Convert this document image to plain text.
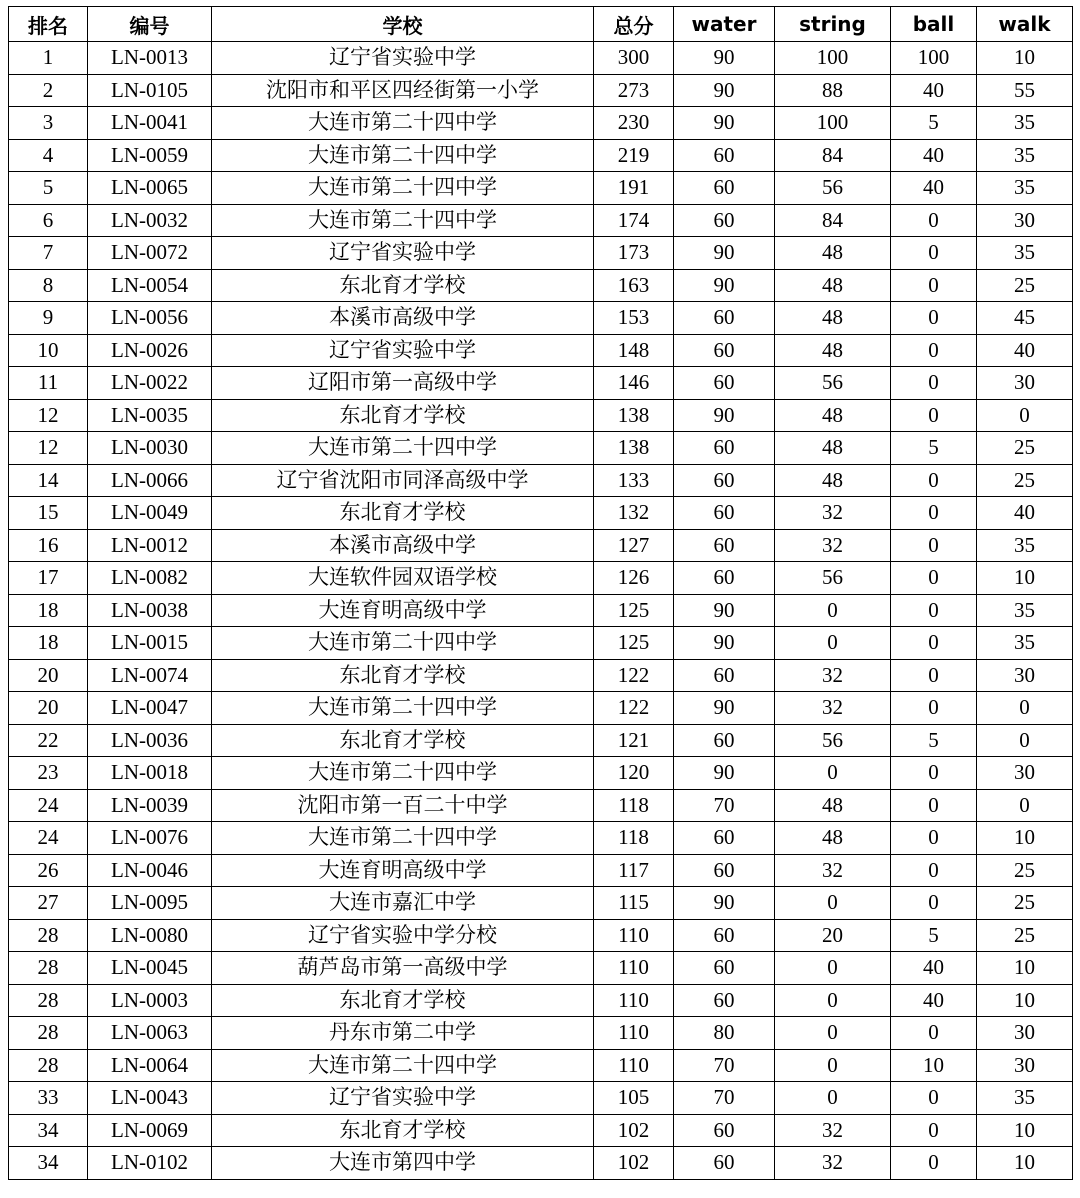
排名	编号	学校	总分	water	string	ball	walk
1	LN-0013	辽宁省实验中学	300	90	100	100	10
2	LN-0105	沈阳市和平区四经街第一小学	273	90	88	40	55
3	LN-0041	大连市第二十四中学	230	90	100	5	35
4	LN-0059	大连市第二十四中学	219	60	84	40	35
5	LN-0065	大连市第二十四中学	191	60	56	40	35
6	LN-0032	大连市第二十四中学	174	60	84	0	30
7	LN-0072	辽宁省实验中学	173	90	48	0	35
8	LN-0054	东北育才学校	163	90	48	0	25
9	LN-0056	本溪市高级中学	153	60	48	0	45
10	LN-0026	辽宁省实验中学	148	60	48	0	40
11	LN-0022	辽阳市第一高级中学	146	60	56	0	30
12	LN-0035	东北育才学校	138	90	48	0	0
12	LN-0030	大连市第二十四中学	138	60	48	5	25
14	LN-0066	辽宁省沈阳市同泽高级中学	133	60	48	0	25
15	LN-0049	东北育才学校	132	60	32	0	40
16	LN-0012	本溪市高级中学	127	60	32	0	35
17	LN-0082	大连软件园双语学校	126	60	56	0	10
18	LN-0038	大连育明高级中学	125	90	0	0	35
18	LN-0015	大连市第二十四中学	125	90	0	0	35
20	LN-0074	东北育才学校	122	60	32	0	30
20	LN-0047	大连市第二十四中学	122	90	32	0	0
22	LN-0036	东北育才学校	121	60	56	5	0
23	LN-0018	大连市第二十四中学	120	90	0	0	30
24	LN-0039	沈阳市第一百二十中学	118	70	48	0	0
24	LN-0076	大连市第二十四中学	118	60	48	0	10
26	LN-0046	大连育明高级中学	117	60	32	0	25
27	LN-0095	大连市嘉汇中学	115	90	0	0	25
28	LN-0080	辽宁省实验中学分校	110	60	20	5	25
28	LN-0045	葫芦岛市第一高级中学	110	60	0	40	10
28	LN-0003	东北育才学校	110	60	0	40	10
28	LN-0063	丹东市第二中学	110	80	0	0	30
28	LN-0064	大连市第二十四中学	110	70	0	10	30
33	LN-0043	辽宁省实验中学	105	70	0	0	35
34	LN-0069	东北育才学校	102	60	32	0	10
34	LN-0102	大连市第四中学	102	60	32	0	10
